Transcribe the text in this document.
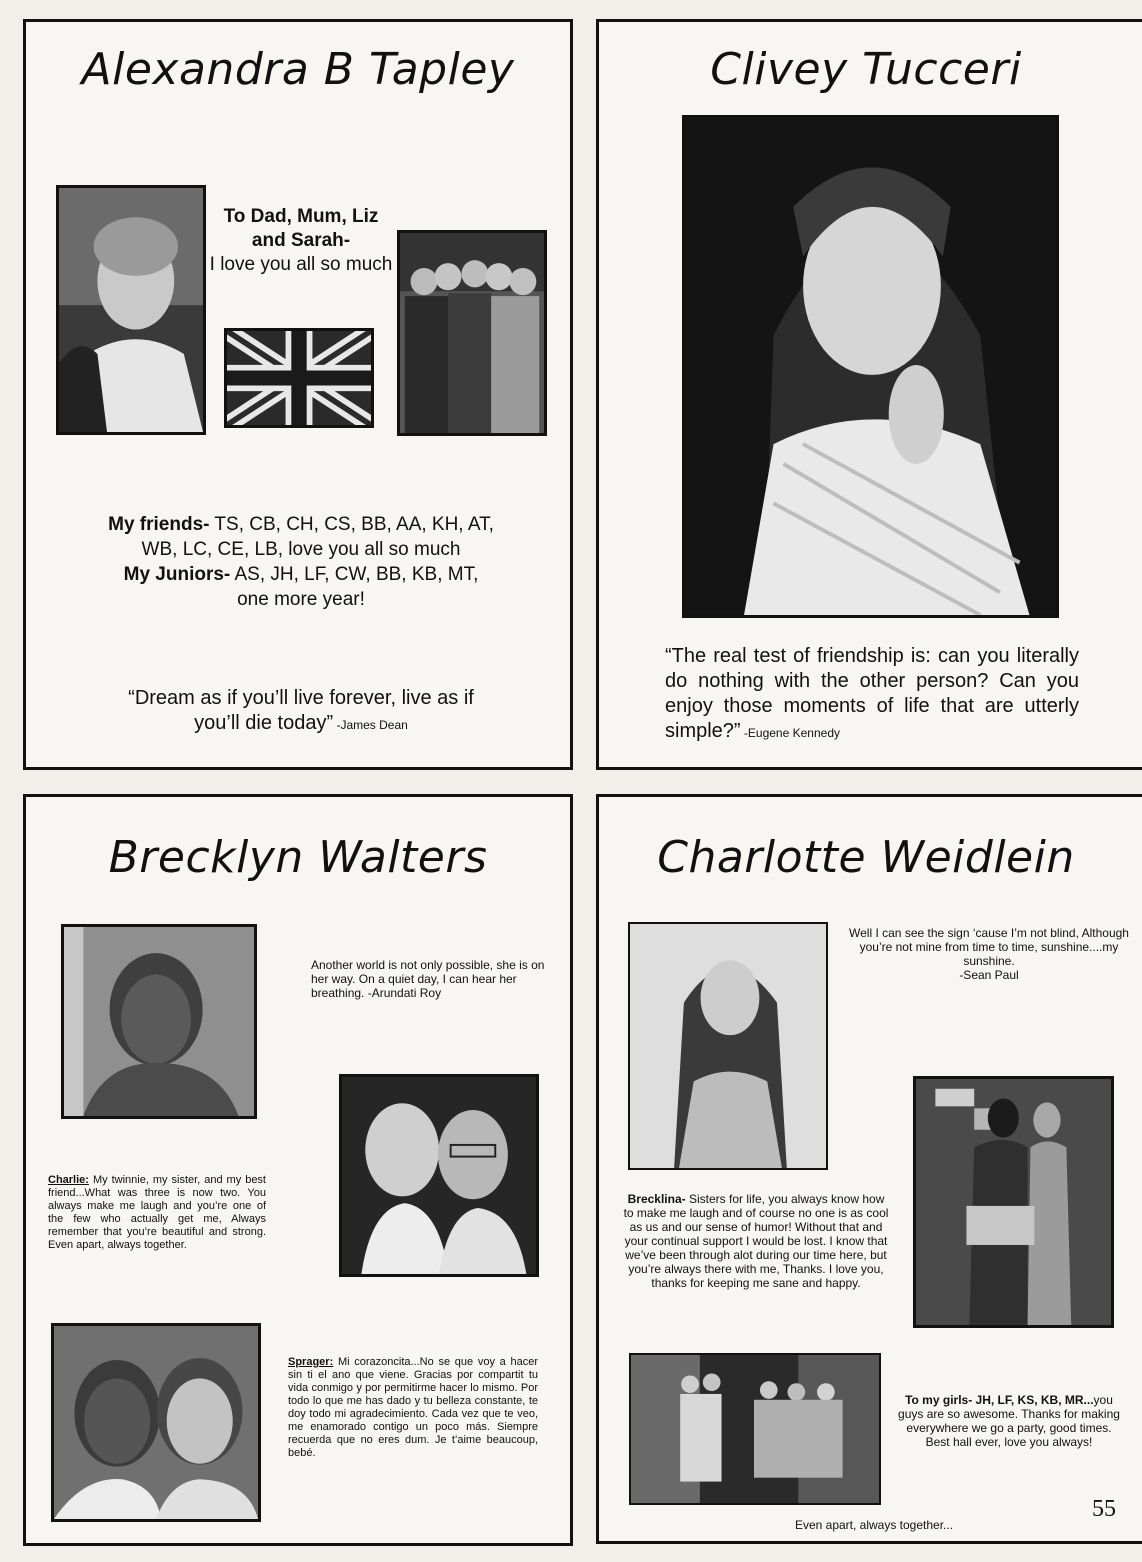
Alexandra B Tapley
To Dad, Mum, Liz and Sarah-
I love you all so much
My friends- TS, CB, CH, CS, BB, AA, KH, AT, WB, LC, CE, LB, love you all so much
My Juniors- AS, JH, LF, CW, BB, KB, MT, one more year!
“Dream as if you’ll live forever, live as if you’ll die today” -James Dean
Clivey Tucceri
“The real test of friendship is: can you literally do nothing with the other person? Can you enjoy those moments of life that are utterly simple?” -Eugene Kennedy
Brecklyn Walters
Another world is not only possible, she is on her way. On a quiet day, I can hear her breathing. -Arundati Roy
Charlie: My twinnie, my sister, and my best friend...What was three is now two. You always make me laugh and you’re one of the few who actually get me, Always remember that you’re beautiful and strong. Even apart, always together.
Sprager: Mi corazoncita...No se que voy a hacer sin ti el ano que viene. Gracias por compartit tu vida conmigo y por permitirme hacer lo mismo. Por todo lo que me has dado y tu belleza constante, te doy todo mi agradecimiento. Cada vez que te veo, me enamorado contigo un poco más. Siempre recuerda que no eres dum. Je t’aime beaucoup, bebé.
Charlotte Weidlein
Well I can see the sign ‘cause I’m not blind, Although you’re not mine from time to time, sunshine....my sunshine.
-Sean Paul
Brecklina- Sisters for life, you always know how to make me laugh and of course no one is as cool as us and our sense of humor! Without that and your continual support I would be lost. I know that we’ve been through alot during our time here, but you’re always there with me, Thanks. I love you, thanks for keeping me sane and happy.
To my girls- JH, LF, KS, KB, MR...you guys are so awesome. Thanks for making everywhere we go a party, good times. Best hall ever, love you always!
Even apart, always together...
55
